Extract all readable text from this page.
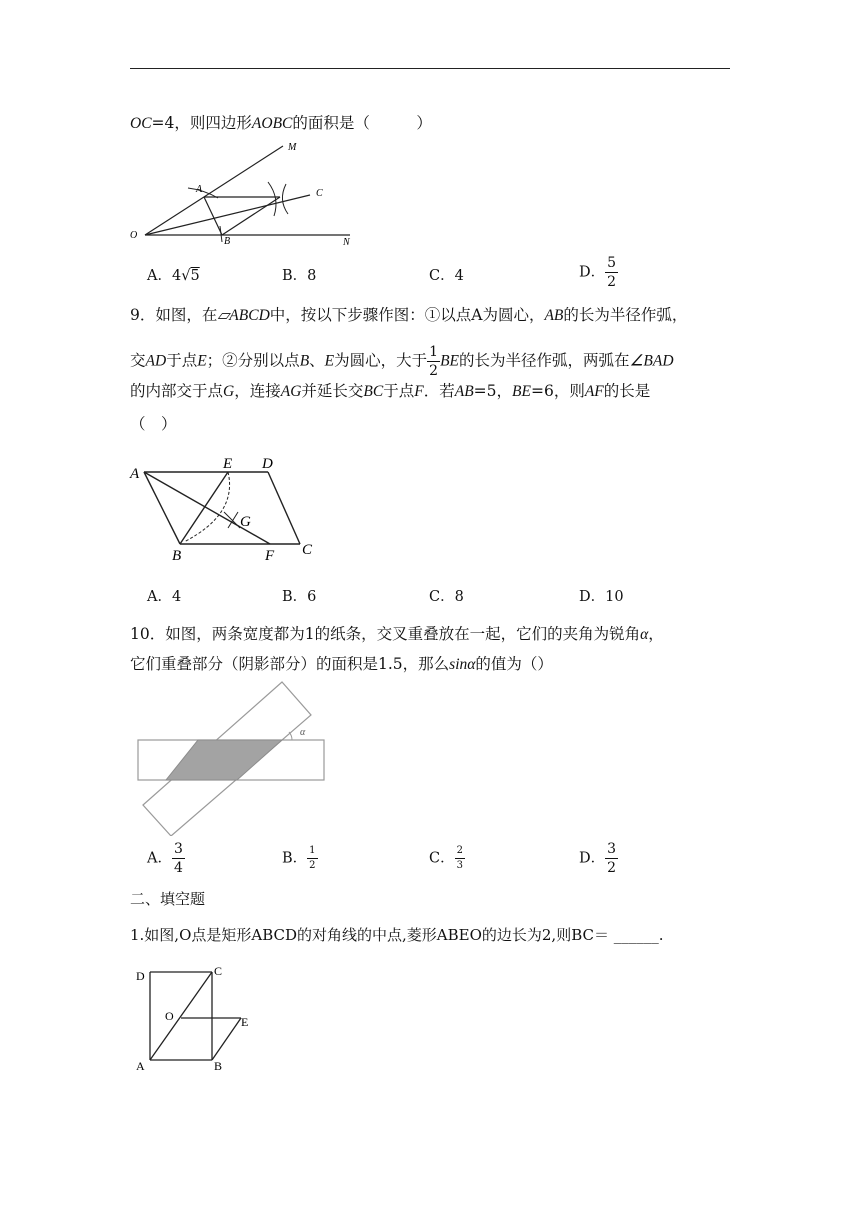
OC=4，则四边形AOBC的面积是（　　　）
M
A	C
O
B	N
A．4√5	B．8	C．4	D． $\frac{5}{2}$
9．如图，在▱ABCD中，按以下步骤作图：①以点A为圆心，AB的长为半径作弧，
交AD于点E；②分别以点B、E为圆心，大于 $\frac{1}{2}$ BE的长为半径作弧，两弧在∠BAD
的内部交于点G，连接AG并延长交BC于点F．若AB=5，BE=6，则AF的长是
（　）
A
E D
G
B	F C
A．4	B．6	C．8	D．10
10．如图，两条宽度都为1的纸条，交叉重叠放在一起，它们的夹角为锐角α，
它们重叠部分（阴影部分）的面积是1.5，那么sinα的值为（）
α
A． $\frac{3}{4}$	B． $\frac{1}{2}$	C． $\frac{2}{3}$	D． $\frac{3}{2}$
二、填空题
1.如图,O点是矩形ABCD的对角线的中点,菱形ABEO的边长为2,则BC＝ ______.
D	C
O	E
A	B
